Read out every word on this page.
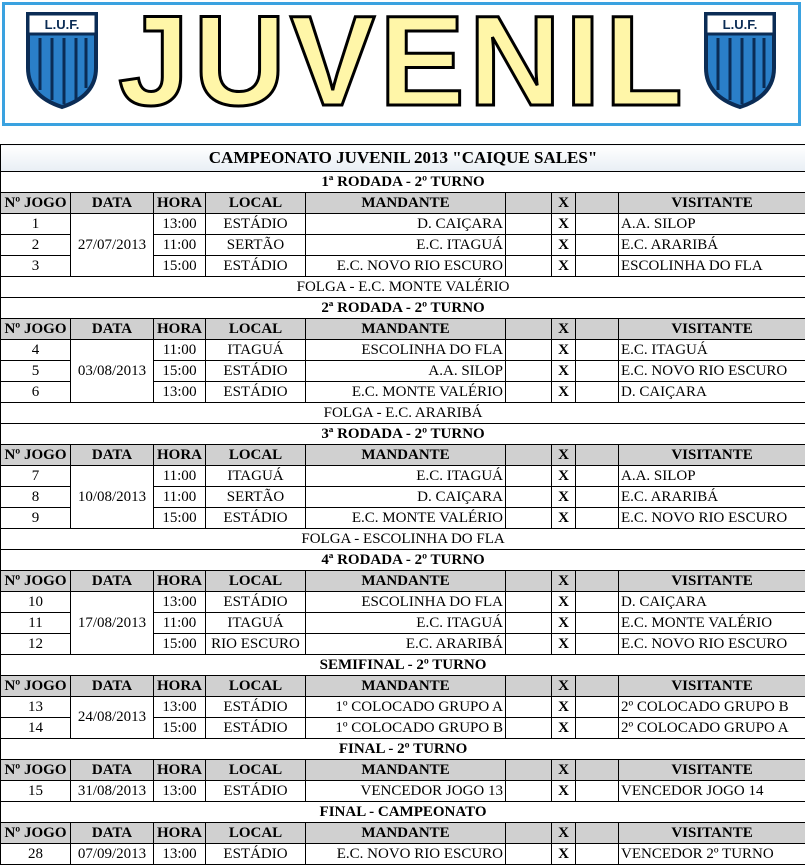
L.U.F. JUVENIL	L.U.F.
CAMPEONATO JUVENIL 2013 "CAIQUE SALES"								
1ª RODADA - 2º TURNO								
Nº JOGO	DATA	HORA	LOCAL	MANDANTE		X		VISITANTE
1	27/07/2013	13:00	ESTÁDIO	D. CAIÇARA		X		A.A. SILOP
2		11:00	SERTÃO	E.C. ITAGUÁ		X		E.C. ARARIBÁ
3		15:00	ESTÁDIO	E.C. NOVO RIO ESCURO		X		ESCOLINHA DO FLA
FOLGA - E.C. MONTE VALÉRIO								
2ª RODADA - 2º TURNO								
Nº JOGO	DATA	HORA	LOCAL	MANDANTE		X		VISITANTE
4	03/08/2013	11:00	ITAGUÁ	ESCOLINHA DO FLA		X		E.C. ITAGUÁ
5		15:00	ESTÁDIO	A.A. SILOP		X		E.C. NOVO RIO ESCURO
6		13:00	ESTÁDIO	E.C. MONTE VALÉRIO		X		D. CAIÇARA
FOLGA - E.C. ARARIBÁ								
3ª RODADA - 2º TURNO								
Nº JOGO	DATA	HORA	LOCAL	MANDANTE		X		VISITANTE
7	10/08/2013	11:00	ITAGUÁ	E.C. ITAGUÁ		X		A.A. SILOP
8		11:00	SERTÃO	D. CAIÇARA		X		E.C. ARARIBÁ
9		15:00	ESTÁDIO	E.C. MONTE VALÉRIO		X		E.C. NOVO RIO ESCURO
FOLGA - ESCOLINHA DO FLA								
4ª RODADA - 2º TURNO								
Nº JOGO	DATA	HORA	LOCAL	MANDANTE		X		VISITANTE
10	17/08/2013	13:00	ESTÁDIO	ESCOLINHA DO FLA		X		D. CAIÇARA
11		11:00	ITAGUÁ	E.C. ITAGUÁ		X		E.C. MONTE VALÉRIO
12		15:00	RIO ESCURO	E.C. ARARIBÁ		X		E.C. NOVO RIO ESCURO
SEMIFINAL - 2º TURNO								
Nº JOGO	DATA	HORA	LOCAL	MANDANTE		X		VISITANTE
13	24/08/2013	13:00	ESTÁDIO	1º COLOCADO GRUPO A		X		2º COLOCADO GRUPO B
14		15:00	ESTÁDIO	1º COLOCADO GRUPO B		X		2º COLOCADO GRUPO A
FINAL - 2º TURNO								
Nº JOGO	DATA	HORA	LOCAL	MANDANTE		X		VISITANTE
15	31/08/2013	13:00	ESTÁDIO	VENCEDOR JOGO 13		X		VENCEDOR JOGO 14
FINAL - CAMPEONATO								
Nº JOGO	DATA	HORA	LOCAL	MANDANTE		X		VISITANTE
28	07/09/2013	13:00	ESTÁDIO	E.C. NOVO RIO ESCURO		X		VENCEDOR 2º TURNO
